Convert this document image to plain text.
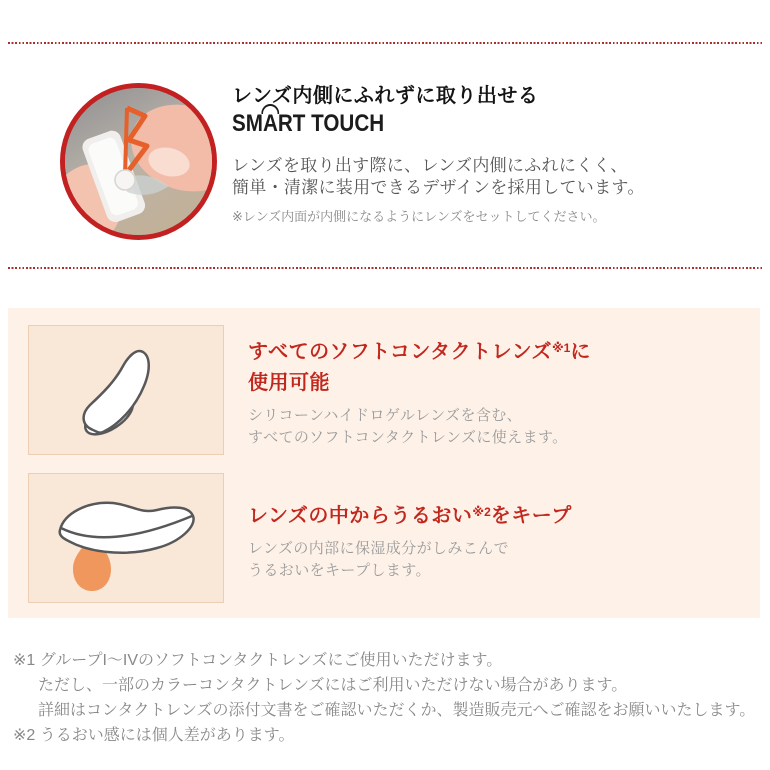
レンズ内側にふれずに取り出せる
SMART TOUCH

レンズを取り出す際に、レンズ内側にふれにくく、
簡単・清潔に装用できるデザインを採用しています。

※レンズ内面が内側になるようにレンズをセットしてください。

すべてのソフトコンタクトレンズ$^{※1}$に
使用可能

シリコーンハイドロゲルレンズを含む、
すべてのソフトコンタクトレンズに使えます。

レンズの中からうるおい$^{※2}$をキープ

レンズの内部に保湿成分がしみこんで
うるおいをキープします。

※1 グループI〜IVのソフトコンタクトレンズにご使用いただけます。

ただし、一部のカラーコンタクトレンズにはご利用いただけない場合があります。

詳細はコンタクトレンズの添付文書をご確認いただくか、製造販売元へご確認をお願いいたします。

※2 うるおい感には個人差があります。
